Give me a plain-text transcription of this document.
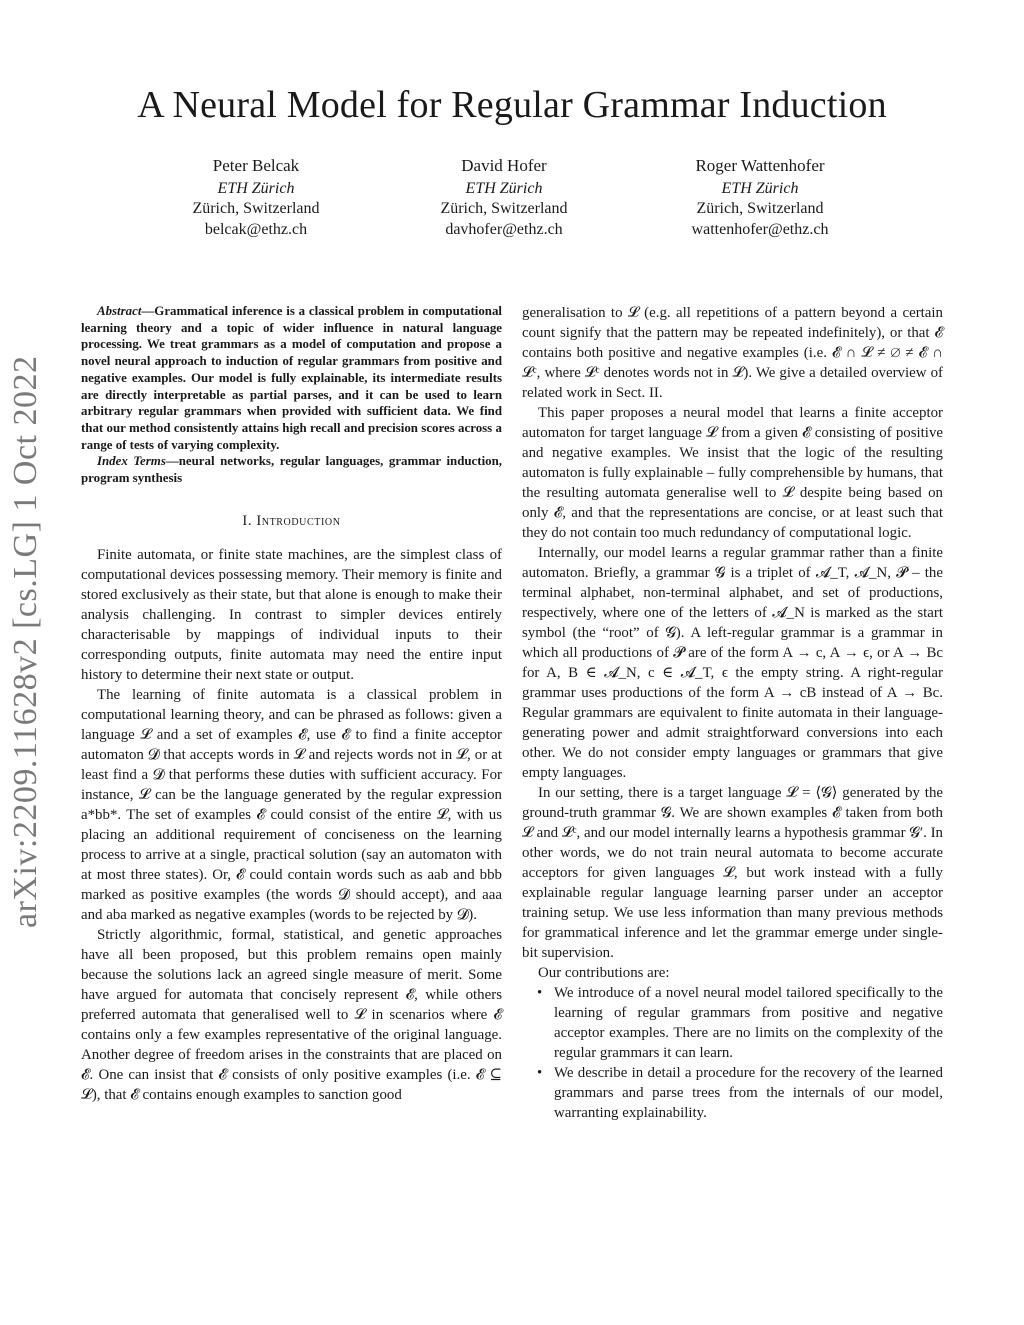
A Neural Model for Regular Grammar Induction
Peter Belcak
ETH Zürich
Zürich, Switzerland
belcak@ethz.ch
David Hofer
ETH Zürich
Zürich, Switzerland
davhofer@ethz.ch
Roger Wattenhofer
ETH Zürich
Zürich, Switzerland
wattenhofer@ethz.ch
arXiv:2209.11628v2 [cs.LG] 1 Oct 2022

Abstract—Grammatical inference is a classical problem in computational learning theory and a topic of wider influence in natural language processing. We treat grammars as a model of computation and propose a novel neural approach to induction of regular grammars from positive and negative examples. Our model is fully explainable, its intermediate results are directly interpretable as partial parses, and it can be used to learn arbitrary regular grammars when provided with sufficient data. We find that our method consistently attains high recall and precision scores across a range of tests of varying complexity.

Index Terms—neural networks, regular languages, grammar induction, program synthesis

I. Introduction

Finite automata, or finite state machines, are the simplest class of computational devices possessing memory. Their memory is finite and stored exclusively as their state, but that alone is enough to make their analysis challenging. In contrast to simpler devices entirely characterisable by mappings of individual inputs to their corresponding outputs, finite automata may need the entire input history to determine their next state or output.

The learning of finite automata is a classical problem in computational learning theory, and can be phrased as follows: given a language 𝓛 and a set of examples 𝓔, use 𝓔 to find a finite acceptor automaton 𝓓 that accepts words in 𝓛 and rejects words not in 𝓛, or at least find a 𝓓 that performs these duties with sufficient accuracy. For instance, 𝓛 can be the language generated by the regular expression a*bb*. The set of examples 𝓔 could consist of the entire 𝓛, with us placing an additional requirement of conciseness on the learning process to arrive at a single, practical solution (say an automaton with at most three states). Or, 𝓔 could contain words such as aab and bbb marked as positive examples (the words 𝓓 should accept), and aaa and aba marked as negative examples (words to be rejected by 𝓓).

Strictly algorithmic, formal, statistical, and genetic approaches have all been proposed, but this problem remains open mainly because the solutions lack an agreed single measure of merit. Some have argued for automata that concisely represent 𝓔, while others preferred automata that generalised well to 𝓛 in scenarios where 𝓔 contains only a few examples representative of the original language. Another degree of freedom arises in the constraints that are placed on 𝓔. One can insist that 𝓔 consists of only positive examples (i.e. 𝓔 ⊆ 𝓛), that 𝓔 contains enough examples to sanction good

generalisation to 𝓛 (e.g. all repetitions of a pattern beyond a certain count signify that the pattern may be repeated indefinitely), or that 𝓔 contains both positive and negative examples (i.e. 𝓔 ∩ 𝓛 ≠ ∅ ≠ 𝓔 ∩ 𝓛ᶜ, where 𝓛ᶜ denotes words not in 𝓛). We give a detailed overview of related work in Sect. II.

This paper proposes a neural model that learns a finite acceptor automaton for target language 𝓛 from a given 𝓔 consisting of positive and negative examples. We insist that the logic of the resulting automaton is fully explainable – fully comprehensible by humans, that the resulting automata generalise well to 𝓛 despite being based on only 𝓔, and that the representations are concise, or at least such that they do not contain too much redundancy of computational logic.

Internally, our model learns a regular grammar rather than a finite automaton. Briefly, a grammar 𝓖 is a triplet of 𝓐_T, 𝓐_N, 𝓟 – the terminal alphabet, non-terminal alphabet, and set of productions, respectively, where one of the letters of 𝓐_N is marked as the start symbol (the “root” of 𝓖). A left-regular grammar is a grammar in which all productions of 𝓟 are of the form A → c, A → ϵ, or A → Bc for A, B ∈ 𝓐_N, c ∈ 𝓐_T, ϵ the empty string. A right-regular grammar uses productions of the form A → cB instead of A → Bc. Regular grammars are equivalent to finite automata in their language-generating power and admit straightforward conversions into each other. We do not consider empty languages or grammars that give empty languages.

In our setting, there is a target language 𝓛 = ⟨𝓖⟩ generated by the ground-truth grammar 𝓖. We are shown examples 𝓔 taken from both 𝓛 and 𝓛ᶜ, and our model internally learns a hypothesis grammar 𝓖′. In other words, we do not train neural automata to become accurate acceptors for given languages 𝓛, but work instead with a fully explainable regular language learning parser under an acceptor training setup. We use less information than many previous methods for grammatical inference and let the grammar emerge under single-bit supervision.

Our contributions are:

• We introduce of a novel neural model tailored specifically to the learning of regular grammars from positive and negative acceptor examples. There are no limits on the complexity of the regular grammars it can learn.
• We describe in detail a procedure for the recovery of the learned grammars and parse trees from the internals of our model, warranting explainability.
